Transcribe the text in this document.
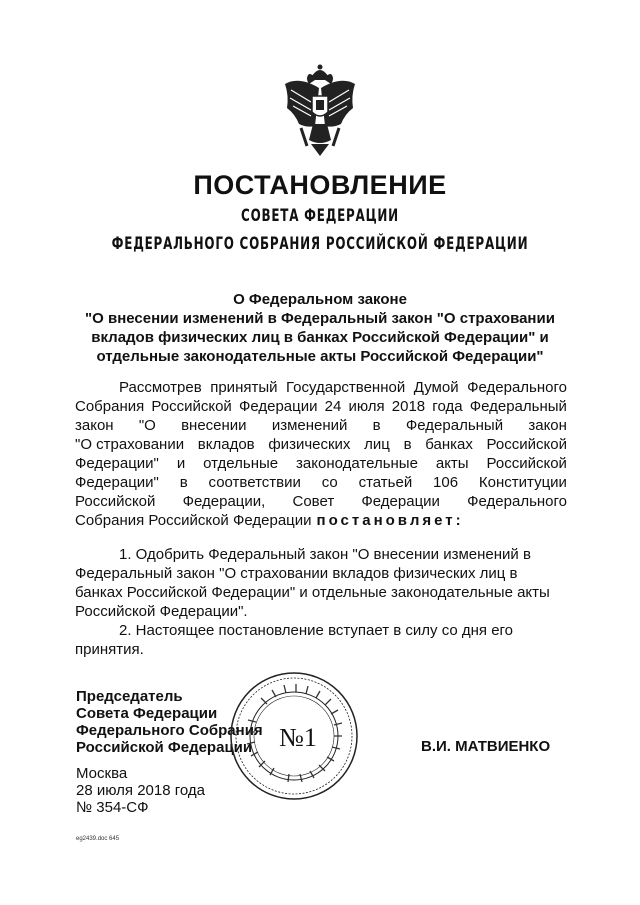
ПОСТАНОВЛЕНИЕ
СОВЕТА ФЕДЕРАЦИИ
ФЕДЕРАЛЬНОГО СОБРАНИЯ РОССИЙСКОЙ ФЕДЕРАЦИИ
О Федеральном законе
"О внесении изменений в Федеральный закон "О страховании
вкладов физических лиц в банках Российской Федерации" и
отдельные законодательные акты Российской Федерации"
Рассмотрев принятый Государственной Думой Федерального
Собрания Российской Федерации 24 июля 2018 года Федеральный
закон "О внесении изменений в Федеральный закон
"О страховании вкладов физических лиц в банках Российской
Федерации" и отдельные законодательные акты Российской
Федерации" в соответствии со статьей 106 Конституции
Российской Федерации, Совет Федерации Федерального
Собрания Российской Федерации постановляет:
1. Одобрить Федеральный закон "О внесении изменений в
Федеральный закон "О страховании вкладов физических лиц в
банках Российской Федерации" и отдельные законодательные акты
Российской Федерации".
2. Настоящее постановление вступает в силу со дня его
принятия.
Председатель
Совета Федерации
Федерального Собрания
Российской Федерации	№1	В.И. МАТВИЕНКО
Москва
28 июля 2018 года
№ 354-СФ
eg2439.doc 645
